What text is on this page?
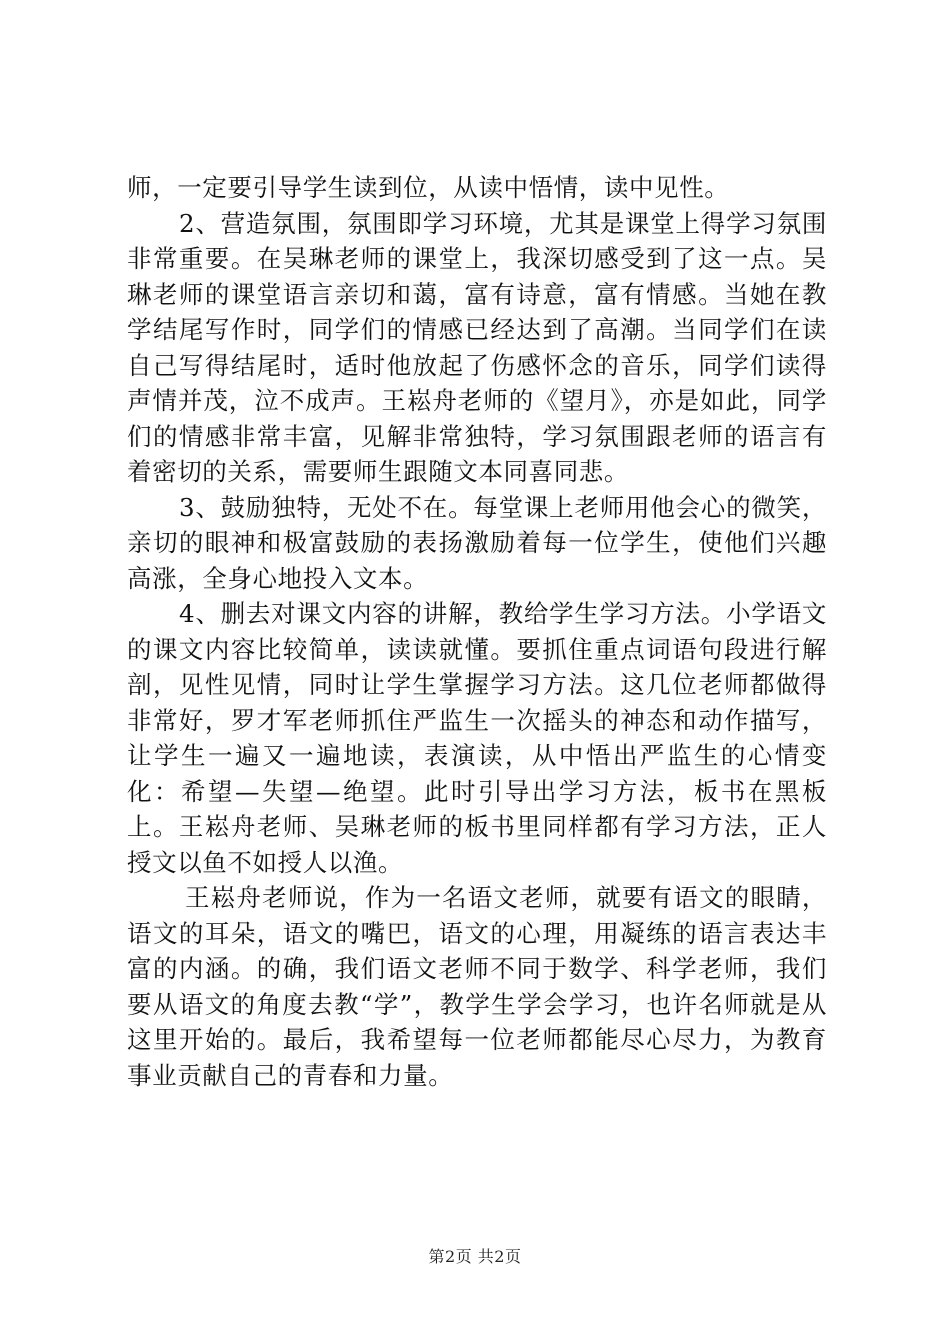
师，一定要引导学生读到位，从读中悟情，读中见性。

2、营造氛围，氛围即学习环境，尤其是课堂上得学习氛围非常重要。在吴琳老师的课堂上，我深切感受到了这一点。吴琳老师的课堂语言亲切和蔼，富有诗意，富有情感。当她在教学结尾写作时，同学们的情感已经达到了高潮。当同学们在读自己写得结尾时，适时他放起了伤感怀念的音乐，同学们读得声情并茂，泣不成声。王崧舟老师的《望月》，亦是如此，同学们的情感非常丰富，见解非常独特，学习氛围跟老师的语言有着密切的关系，需要师生跟随文本同喜同悲。

3、鼓励独特，无处不在。每堂课上老师用他会心的微笑，亲切的眼神和极富鼓励的表扬激励着每一位学生，使他们兴趣高涨，全身心地投入文本。

4、删去对课文内容的讲解，教给学生学习方法。小学语文的课文内容比较简单，读读就懂。要抓住重点词语句段进行解剖，见性见情，同时让学生掌握学习方法。这几位老师都做得非常好，罗才军老师抓住严监生一次摇头的神态和动作描写，让学生一遍又一遍地读，表演读，从中悟出严监生的心情变化：希望—失望—绝望。此时引导出学习方法，板书在黑板上。王崧舟老师、吴琳老师的板书里同样都有学习方法，正人授文以鱼不如授人以渔。

王崧舟老师说，作为一名语文老师，就要有语文的眼睛，语文的耳朵，语文的嘴巴，语文的心理，用凝练的语言表达丰富的内涵。的确，我们语文老师不同于数学、科学老师，我们要从语文的角度去教“学”，教学生学会学习，也许名师就是从这里开始的。最后，我希望每一位老师都能尽心尽力，为教育事业贡献自己的青春和力量。

第2页 共2页
